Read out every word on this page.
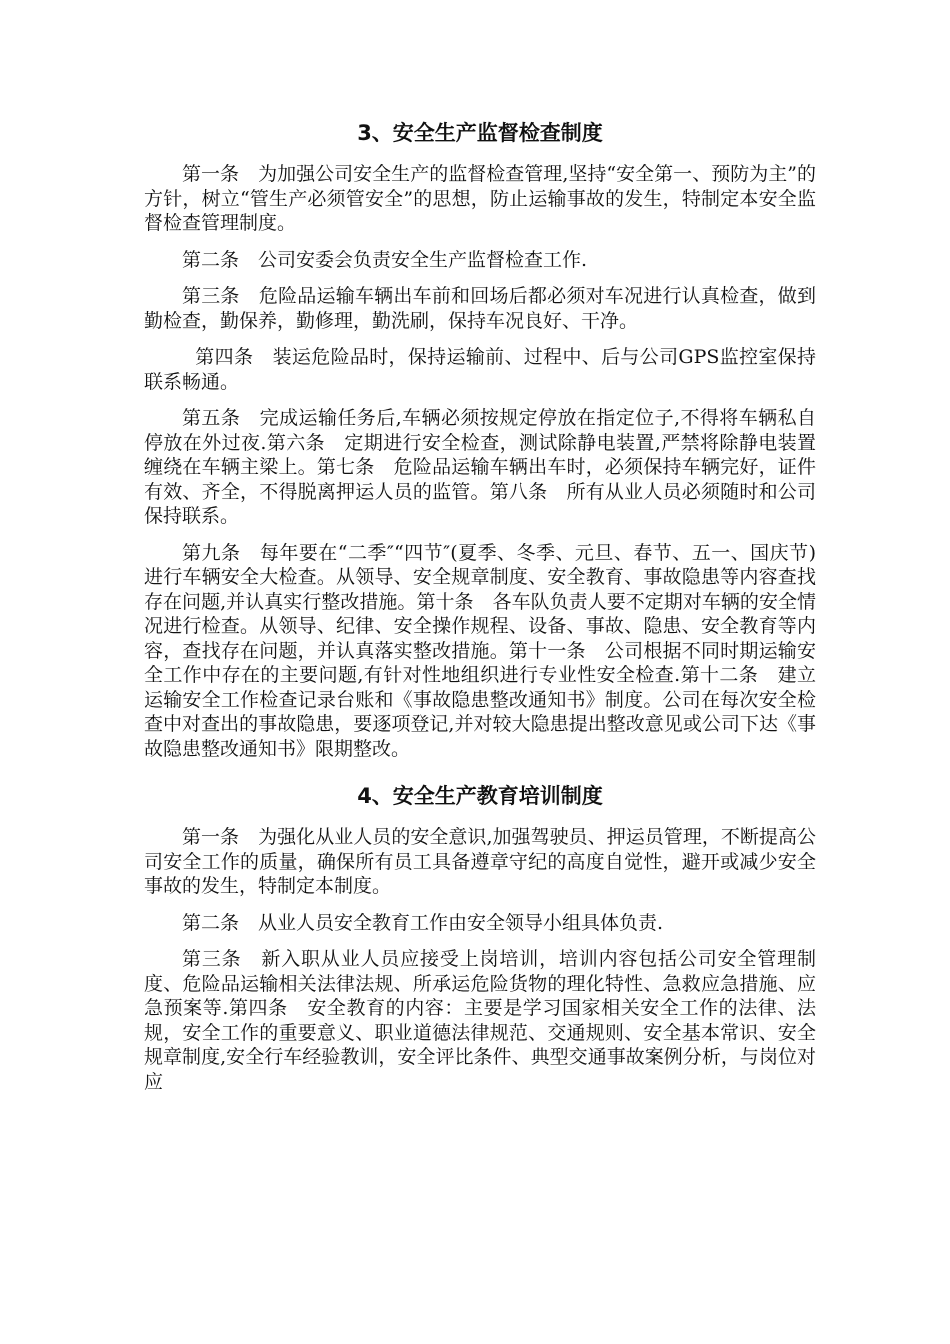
3、安全生产监督检查制度

第一条　为加强公司安全生产的监督检查管理,坚持“安全第一、预防为主”的方针，树立“管生产必须管安全”的思想，防止运输事故的发生，特制定本安全监督检查管理制度。

第二条　公司安委会负责安全生产监督检查工作.

第三条　危险品运输车辆出车前和回场后都必须对车况进行认真检查，做到勤检查，勤保养，勤修理，勤洗刷，保持车况良好、干净。

第四条　装运危险品时，保持运输前、过程中、后与公司GPS监控室保持联系畅通。

第五条　完成运输任务后,车辆必须按规定停放在指定位子,不得将车辆私自停放在外过夜.第六条　定期进行安全检查，测试除静电装置,严禁将除静电装置缠绕在车辆主梁上。第七条　危险品运输车辆出车时，必须保持车辆完好，证件有效、齐全，不得脱离押运人员的监管。第八条　所有从业人员必须随时和公司保持联系。

第九条　每年要在“二季″“四节″(夏季、冬季、元旦、春节、五一、国庆节)进行车辆安全大检查。从领导、安全规章制度、安全教育、事故隐患等内容查找存在问题,并认真实行整改措施。第十条　各车队负责人要不定期对车辆的安全情况进行检查。从领导、纪律、安全操作规程、设备、事故、隐患、安全教育等内容，查找存在问题，并认真落实整改措施。第十一条　公司根据不同时期运输安全工作中存在的主要问题,有针对性地组织进行专业性安全检查.第十二条　建立运输安全工作检查记录台账和《事故隐患整改通知书》制度。公司在每次安全检查中对查出的事故隐患，要逐项登记,并对较大隐患提出整改意见或公司下达《事故隐患整改通知书》限期整改。

4、安全生产教育培训制度

第一条　为强化从业人员的安全意识,加强驾驶员、押运员管理，不断提高公司安全工作的质量，确保所有员工具备遵章守纪的高度自觉性，避开或减少安全事故的发生，特制定本制度。

第二条　从业人员安全教育工作由安全领导小组具体负责.

第三条　新入职从业人员应接受上岗培训，培训内容包括公司安全管理制度、危险品运输相关法律法规、所承运危险货物的理化特性、急救应急措施、应急预案等.第四条　安全教育的内容：主要是学习国家相关安全工作的法律、法规，安全工作的重要意义、职业道德法律规范、交通规则、安全基本常识、安全规章制度,安全行车经验教训，安全评比条件、典型交通事故案例分析，与岗位对应
